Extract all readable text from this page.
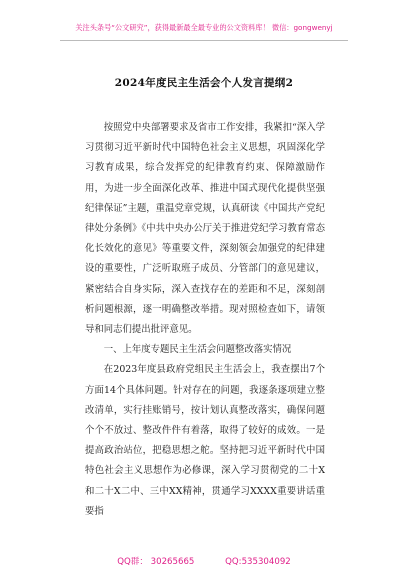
关注头条号“公文研究”，获得最新最全最专业的公文资料库！ 微信：gongwenyj
2024年度民主生活会个人发言提纲2

按照党中央部署要求及省市工作安排，我紧扣“深入学习贯彻习近平新时代中国特色社会主义思想，巩固深化学习教育成果，综合发挥党的纪律教育约束、保障激励作用，为进一步全面深化改革、推进中国式现代化提供坚强纪律保证”主题，重温党章党规，认真研读《中国共产党纪律处分条例》《中共中央办公厅关于推进党纪学习教育常态化长效化的意见》等重要文件，深刻领会加强党的纪律建设的重要性，广泛听取班子成员、分管部门的意见建议，紧密结合自身实际，深入查找存在的差距和不足，深刻剖析问题根源，逐一明确整改举措。现对照检查如下，请领导和同志们提出批评意见。

一、上年度专题民主生活会问题整改落实情况

在2023年度县政府党组民主生活会上，我查摆出7个方面14个具体问题。针对存在的问题，我逐条逐项建立整改清单，实行挂账销号，按计划认真整改落实，确保问题个个不放过、整改件件有着落，取得了较好的成效。一是提高政治站位，把稳思想之舵。坚持把习近平新时代中国特色社会主义思想作为必修课，深入学习贯彻党的二十X和二十X二中、三中XX精神，贯通学习XXXX重要讲话重要指

QQ群： 30265665	QQ:535304092
